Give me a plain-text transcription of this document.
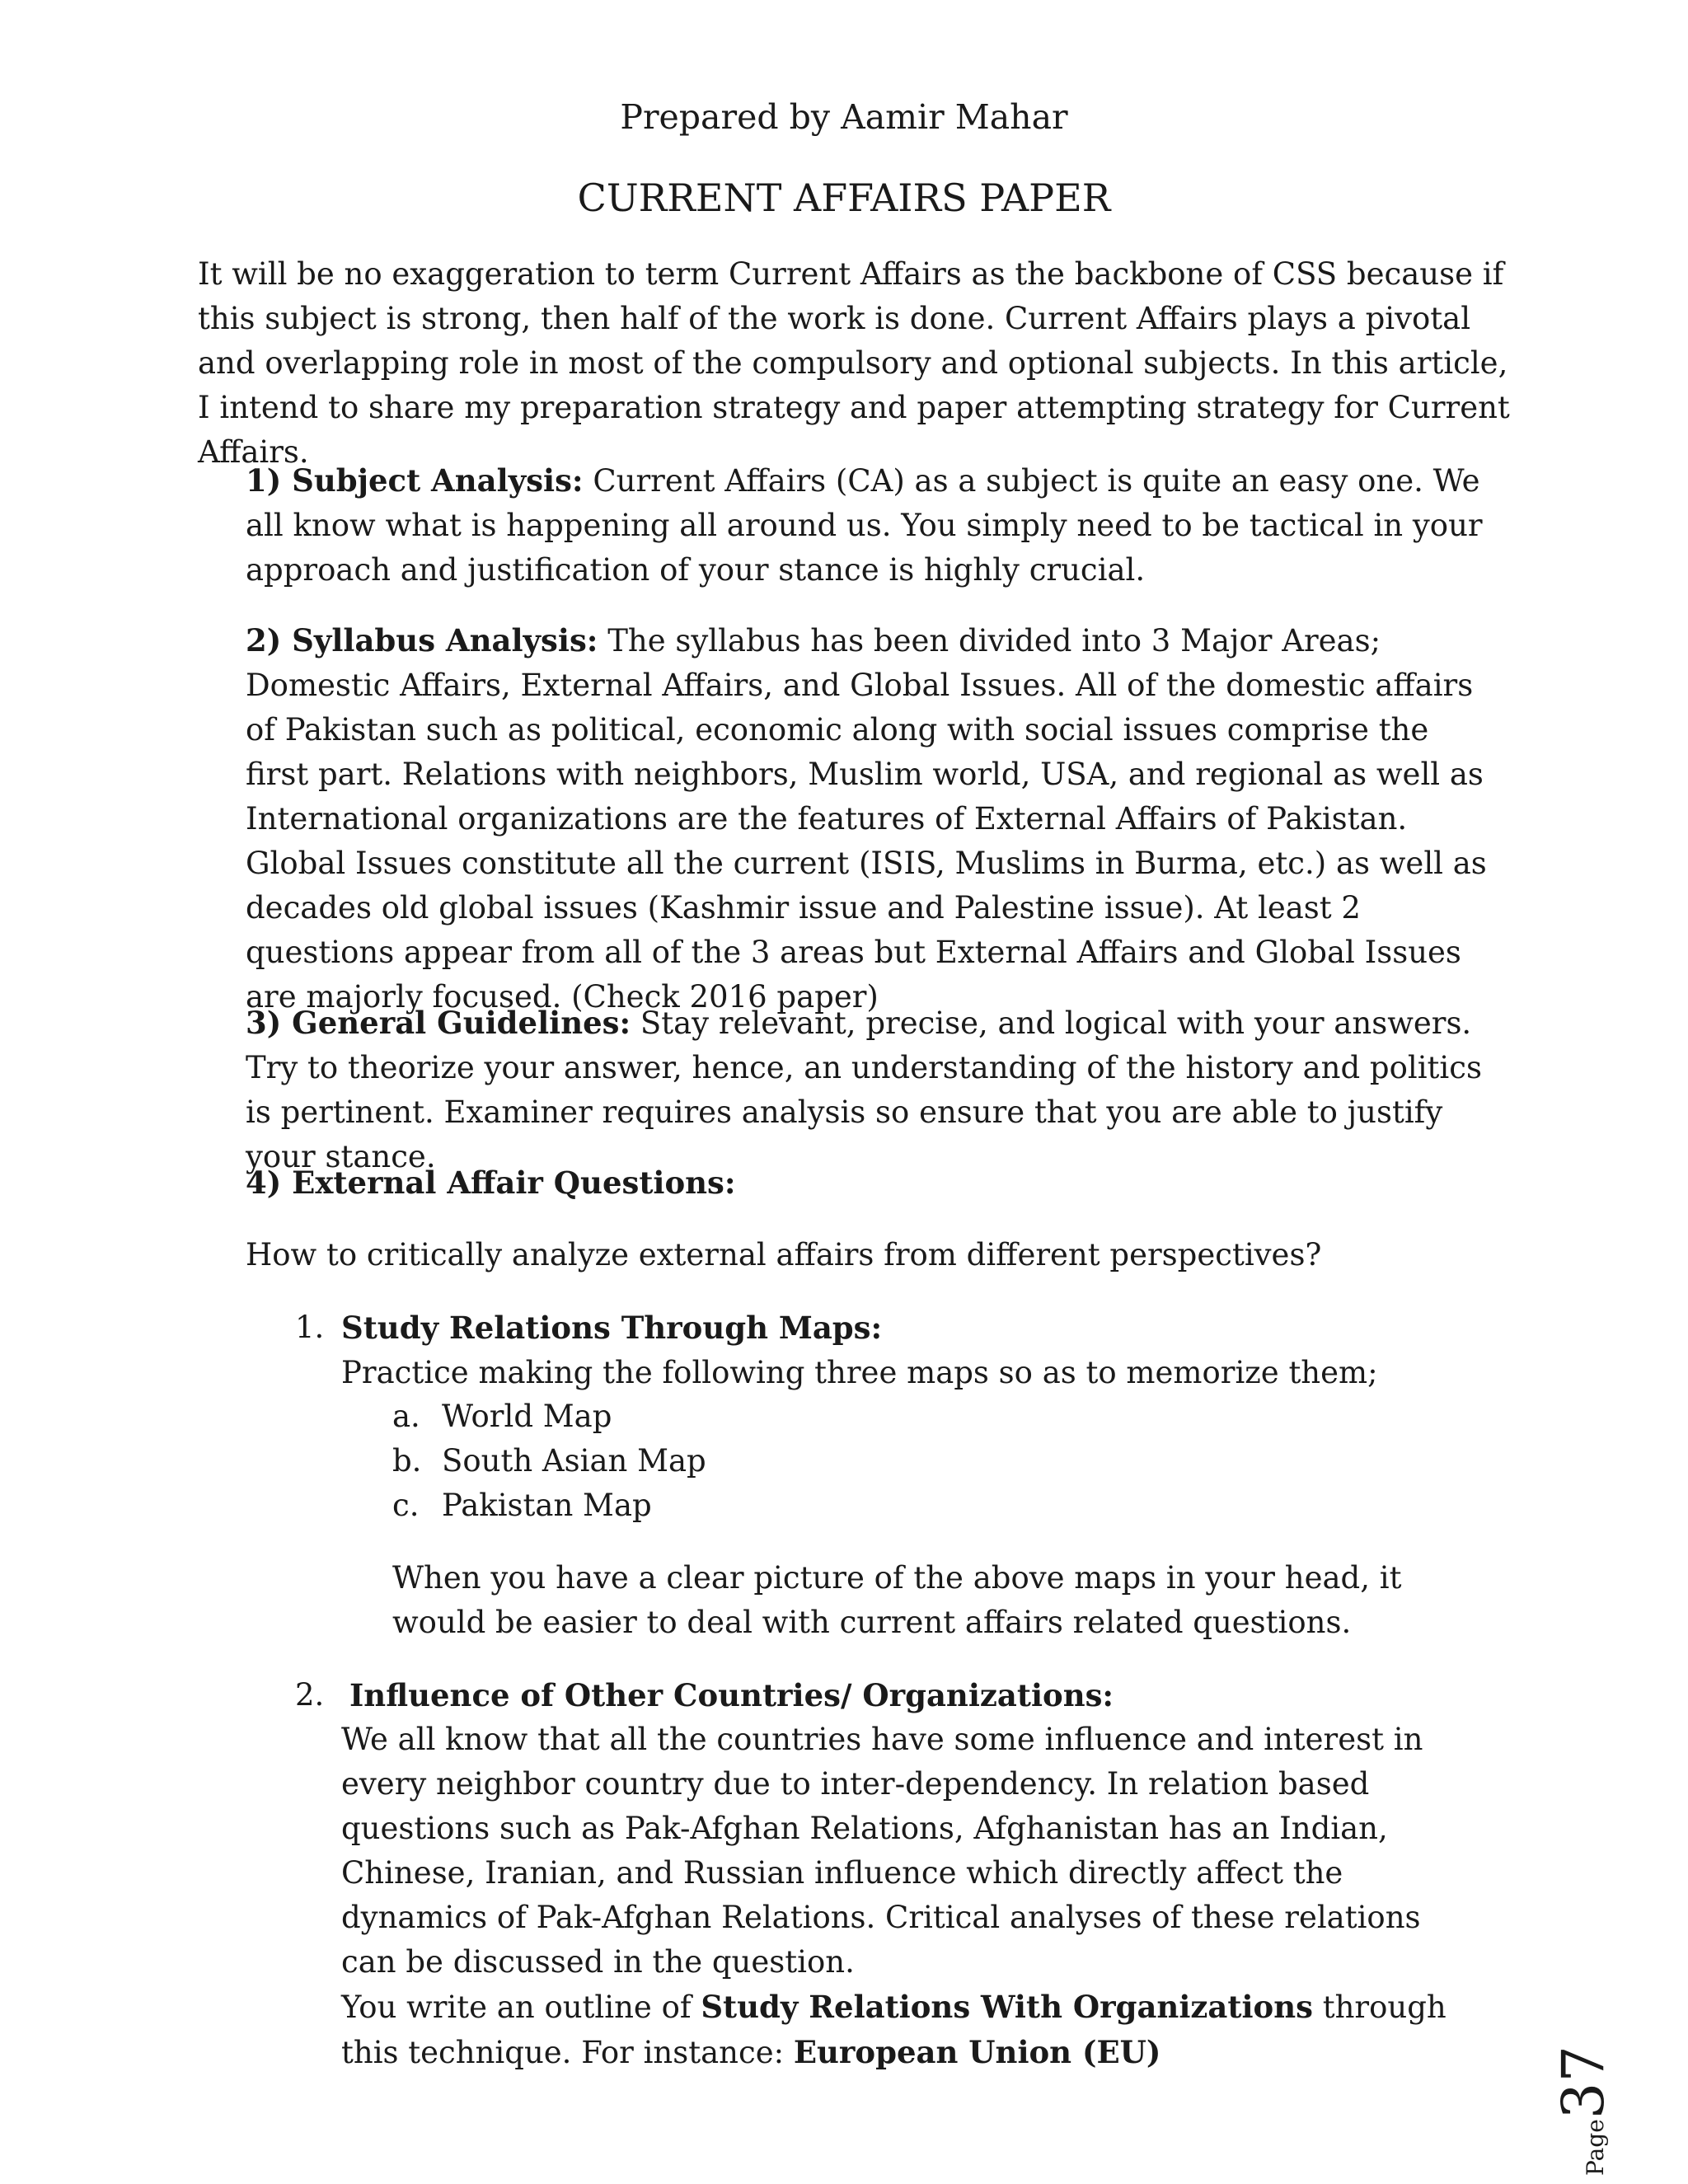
Prepared by Aamir Mahar
CURRENT AFFAIRS PAPER

It will be no exaggeration to term Current Affairs as the backbone of CSS because if this subject is strong, then half of the work is done. Current Affairs plays a pivotal and overlapping role in most of the compulsory and optional subjects. In this article, I intend to share my preparation strategy and paper attempting strategy for Current Affairs.

1) Subject Analysis: Current Affairs (CA) as a subject is quite an easy one. We all know what is happening all around us. You simply need to be tactical in your approach and justification of your stance is highly crucial.

2) Syllabus Analysis: The syllabus has been divided into 3 Major Areas; Domestic Affairs, External Affairs, and Global Issues. All of the domestic affairs of Pakistan such as political, economic along with social issues comprise the first part. Relations with neighbors, Muslim world, USA, and regional as well as International organizations are the features of External Affairs of Pakistan. Global Issues constitute all the current (ISIS, Muslims in Burma, etc.) as well as decades old global issues (Kashmir issue and Palestine issue). At least 2 questions appear from all of the 3 areas but External Affairs and Global Issues are majorly focused. (Check 2016 paper)

3) General Guidelines: Stay relevant, precise, and logical with your answers. Try to theorize your answer, hence, an understanding of the history and politics is pertinent. Examiner requires analysis so ensure that you are able to justify your stance.

4) External Affair Questions:

How to critically analyze external affairs from different perspectives?

1. Study Relations Through Maps:
Practice making the following three maps so as to memorize them;
a. World Map
b. South Asian Map
c. Pakistan Map

When you have a clear picture of the above maps in your head, it would be easier to deal with current affairs related questions.

2. Influence of Other Countries/ Organizations:
We all know that all the countries have some influence and interest in every neighbor country due to inter-dependency. In relation based questions such as Pak-Afghan Relations, Afghanistan has an Indian, Chinese, Iranian, and Russian influence which directly affect the dynamics of Pak-Afghan Relations. Critical analyses of these relations can be discussed in the question.
You write an outline of Study Relations With Organizations through this technique. For instance: European Union (EU)
Page37
